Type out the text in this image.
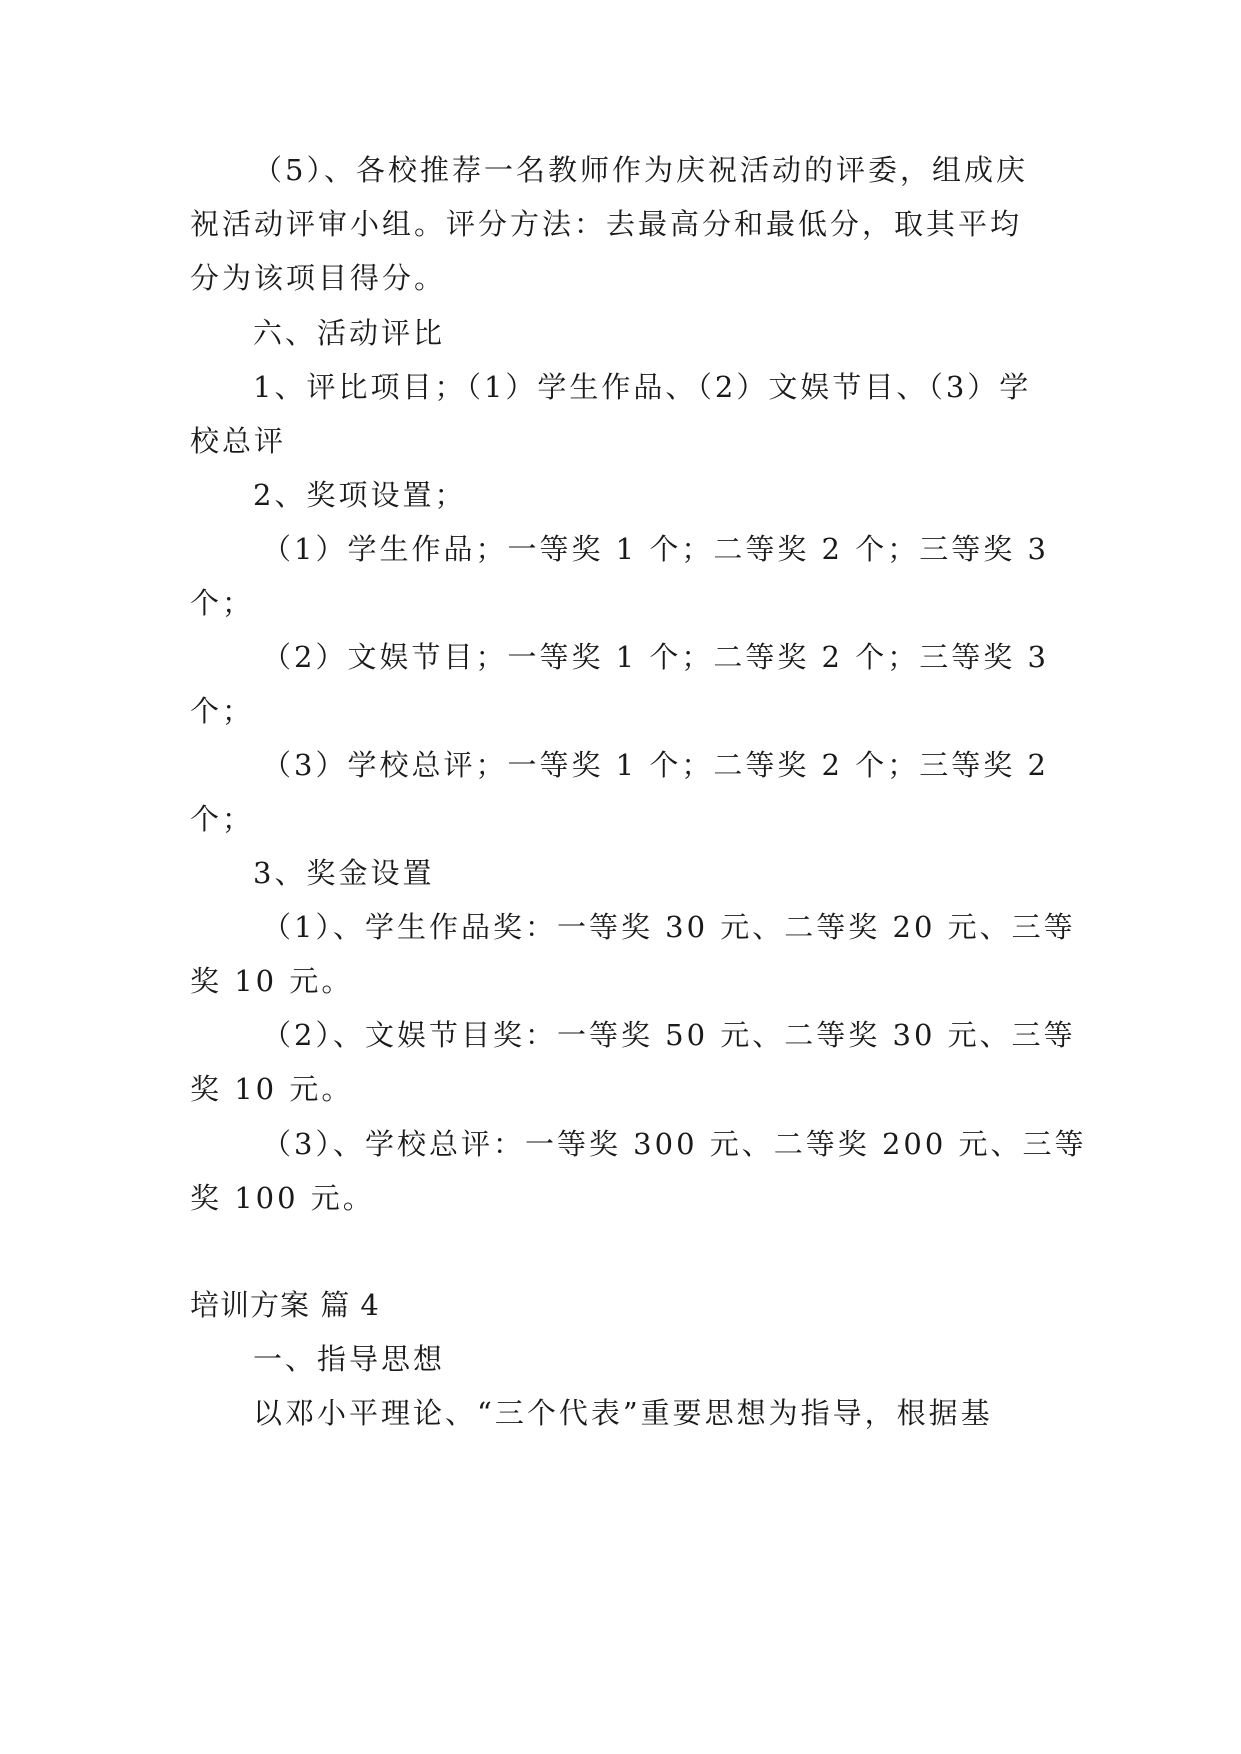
（5）、各校推荐一名教师作为庆祝活动的评委，组成庆
祝活动评审小组。评分方法：去最高分和最低分，取其平均
分为该项目得分。
六、活动评比
1、评比项目；（1）学生作品、（2）文娱节目、（3）学
校总评
2、奖项设置；
（1）学生作品；一等奖 1 个；二等奖 2 个；三等奖 3
个；
（2）文娱节目；一等奖 1 个；二等奖 2 个；三等奖 3
个；
（3）学校总评；一等奖 1 个；二等奖 2 个；三等奖 2
个；
3、奖金设置
（1）、学生作品奖：一等奖 30 元、二等奖 20 元、三等
奖 10 元。
（2）、文娱节目奖：一等奖 50 元、二等奖 30 元、三等
奖 10 元。
（3）、学校总评：一等奖 300 元、二等奖 200 元、三等
奖 100 元。
培训方案 篇 4
一、指导思想
以邓小平理论、“三个代表”重要思想为指导，根据基
